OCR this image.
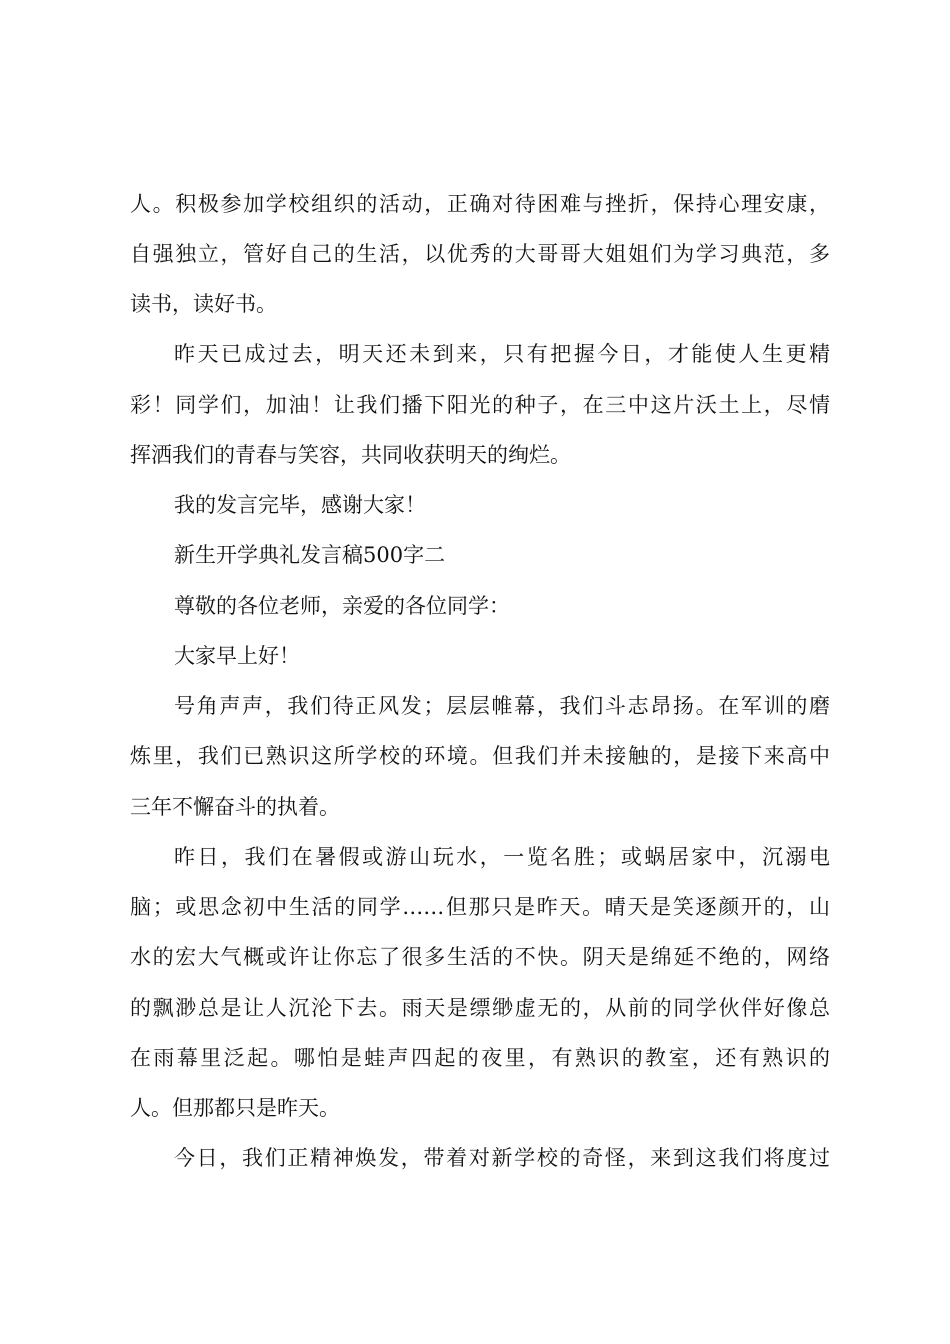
人。积极参加学校组织的活动，正确对待困难与挫折，保持心理安康，
自强独立，管好自己的生活，以优秀的大哥哥大姐姐们为学习典范，多
读书，读好书。
昨天已成过去，明天还未到来，只有把握今日，才能使人生更精
彩！同学们，加油！让我们播下阳光的种子，在三中这片沃土上，尽情
挥洒我们的青春与笑容，共同收获明天的绚烂。
我的发言完毕，感谢大家！
新生开学典礼发言稿500字二
尊敬的各位老师，亲爱的各位同学：
大家早上好！
号角声声，我们待正风发；层层帷幕，我们斗志昂扬。在军训的磨
炼里，我们已熟识这所学校的环境。但我们并未接触的，是接下来高中
三年不懈奋斗的执着。
昨日，我们在暑假或游山玩水，一览名胜；或蜗居家中，沉溺电
脑；或思念初中生活的同学……但那只是昨天。晴天是笑逐颜开的，山
水的宏大气概或许让你忘了很多生活的不快。阴天是绵延不绝的，网络
的飘渺总是让人沉沦下去。雨天是缥缈虚无的，从前的同学伙伴好像总
在雨幕里泛起。哪怕是蛙声四起的夜里，有熟识的教室，还有熟识的
人。但那都只是昨天。
今日，我们正精神焕发，带着对新学校的奇怪，来到这我们将度过
